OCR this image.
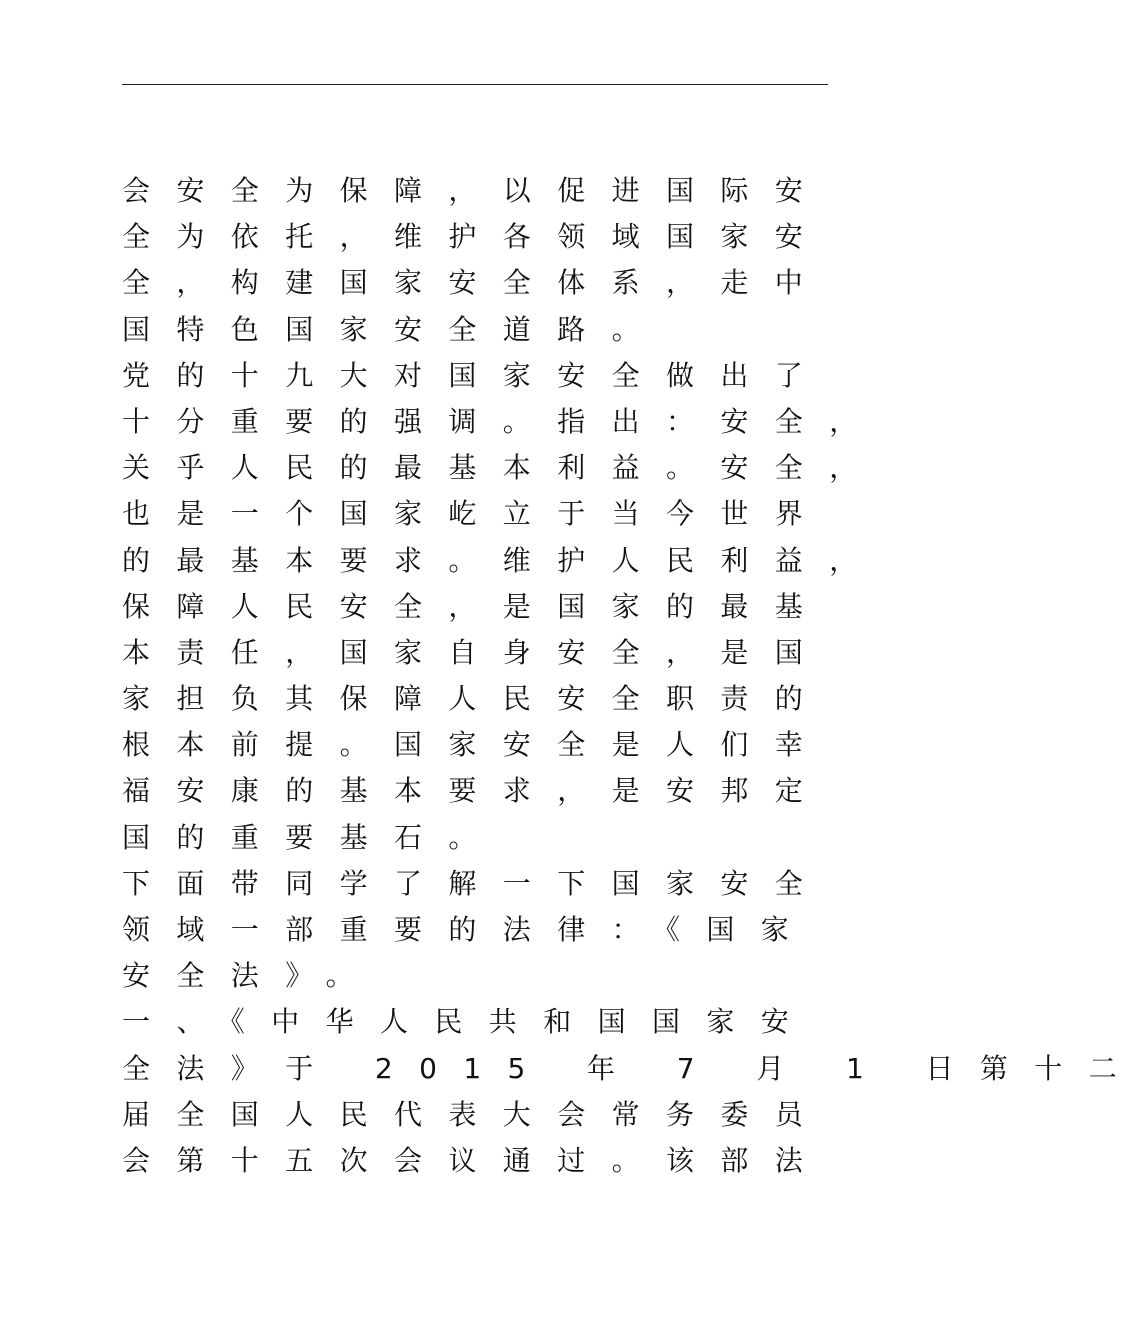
会安全为保障，以促进国际安
全为依托，维护各领域国家安
全，构建国家安全体系，走中
国特色国家安全道路。
党的十九大对国家安全做出了
十分重要的强调。指出：安全，
关乎人民的最基本利益。安全，
也是一个国家屹立于当今世界
的最基本要求。维护人民利益，
保障人民安全，是国家的最基
本责任，国家自身安全，是国
家担负其保障人民安全职责的
根本前提。国家安全是人们幸
福安康的基本要求，是安邦定
国的重要基石。
下面带同学了解一下国家安全
领域一部重要的法律：《国家
安全法》。
一、《中华人民共和国国家安
全法》于 2015 年 7 月 1 日第十二
届全国人民代表大会常务委员
会第十五次会议通过。该部法
